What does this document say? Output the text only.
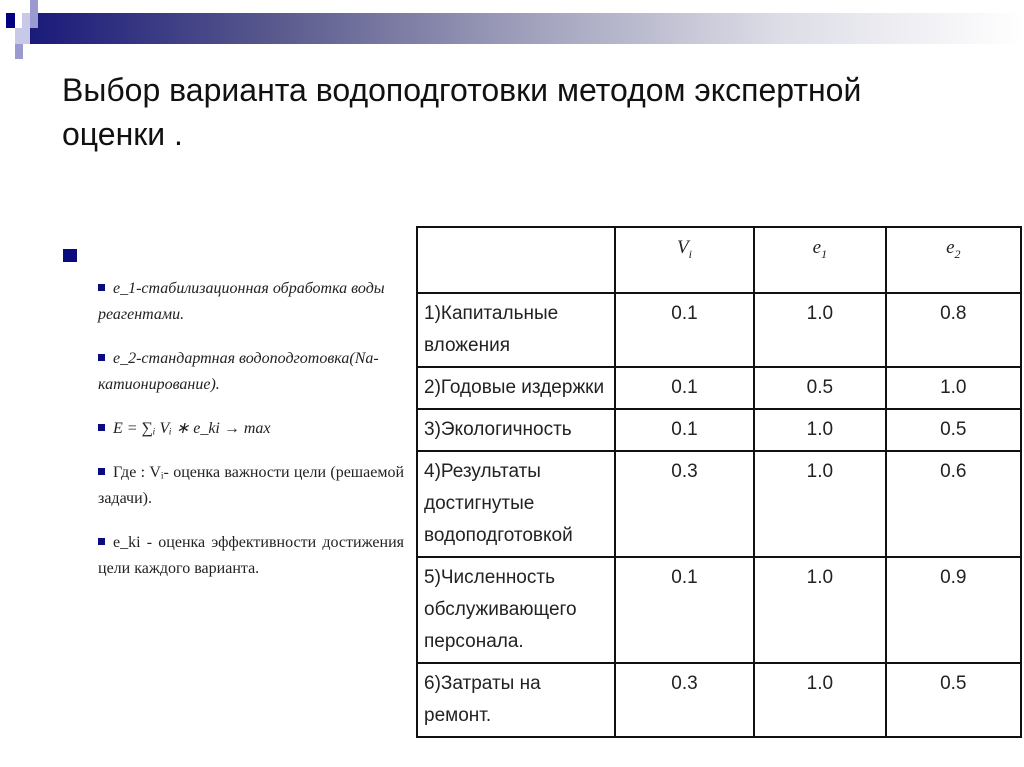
Выбор варианта водоподготовки методом экспертной оценки .
e_1-стабилизационная обработка воды реагентами.
e_2-стандартная водоподготовка(Na-катионирование).
E = ∑ᵢ Vᵢ ∗ e_ki → max
Где : Vᵢ- оценка важности цели (решаемой задачи).
e_ki - оценка эффективности достижения цели каждого варианта.
	$V_i$	$e_1$	$e_2$
1)Капитальные вложения	0.1	1.0	0.8
2)Годовые издержки	0.1	0.5	1.0
3)Экологичность	0.1	1.0	0.5
4)Результаты достигнутые водоподготовкой	0.3	1.0	0.6
5)Численность обслуживающего персонала.	0.1	1.0	0.9
6)Затраты на ремонт.	0.3	1.0	0.5
